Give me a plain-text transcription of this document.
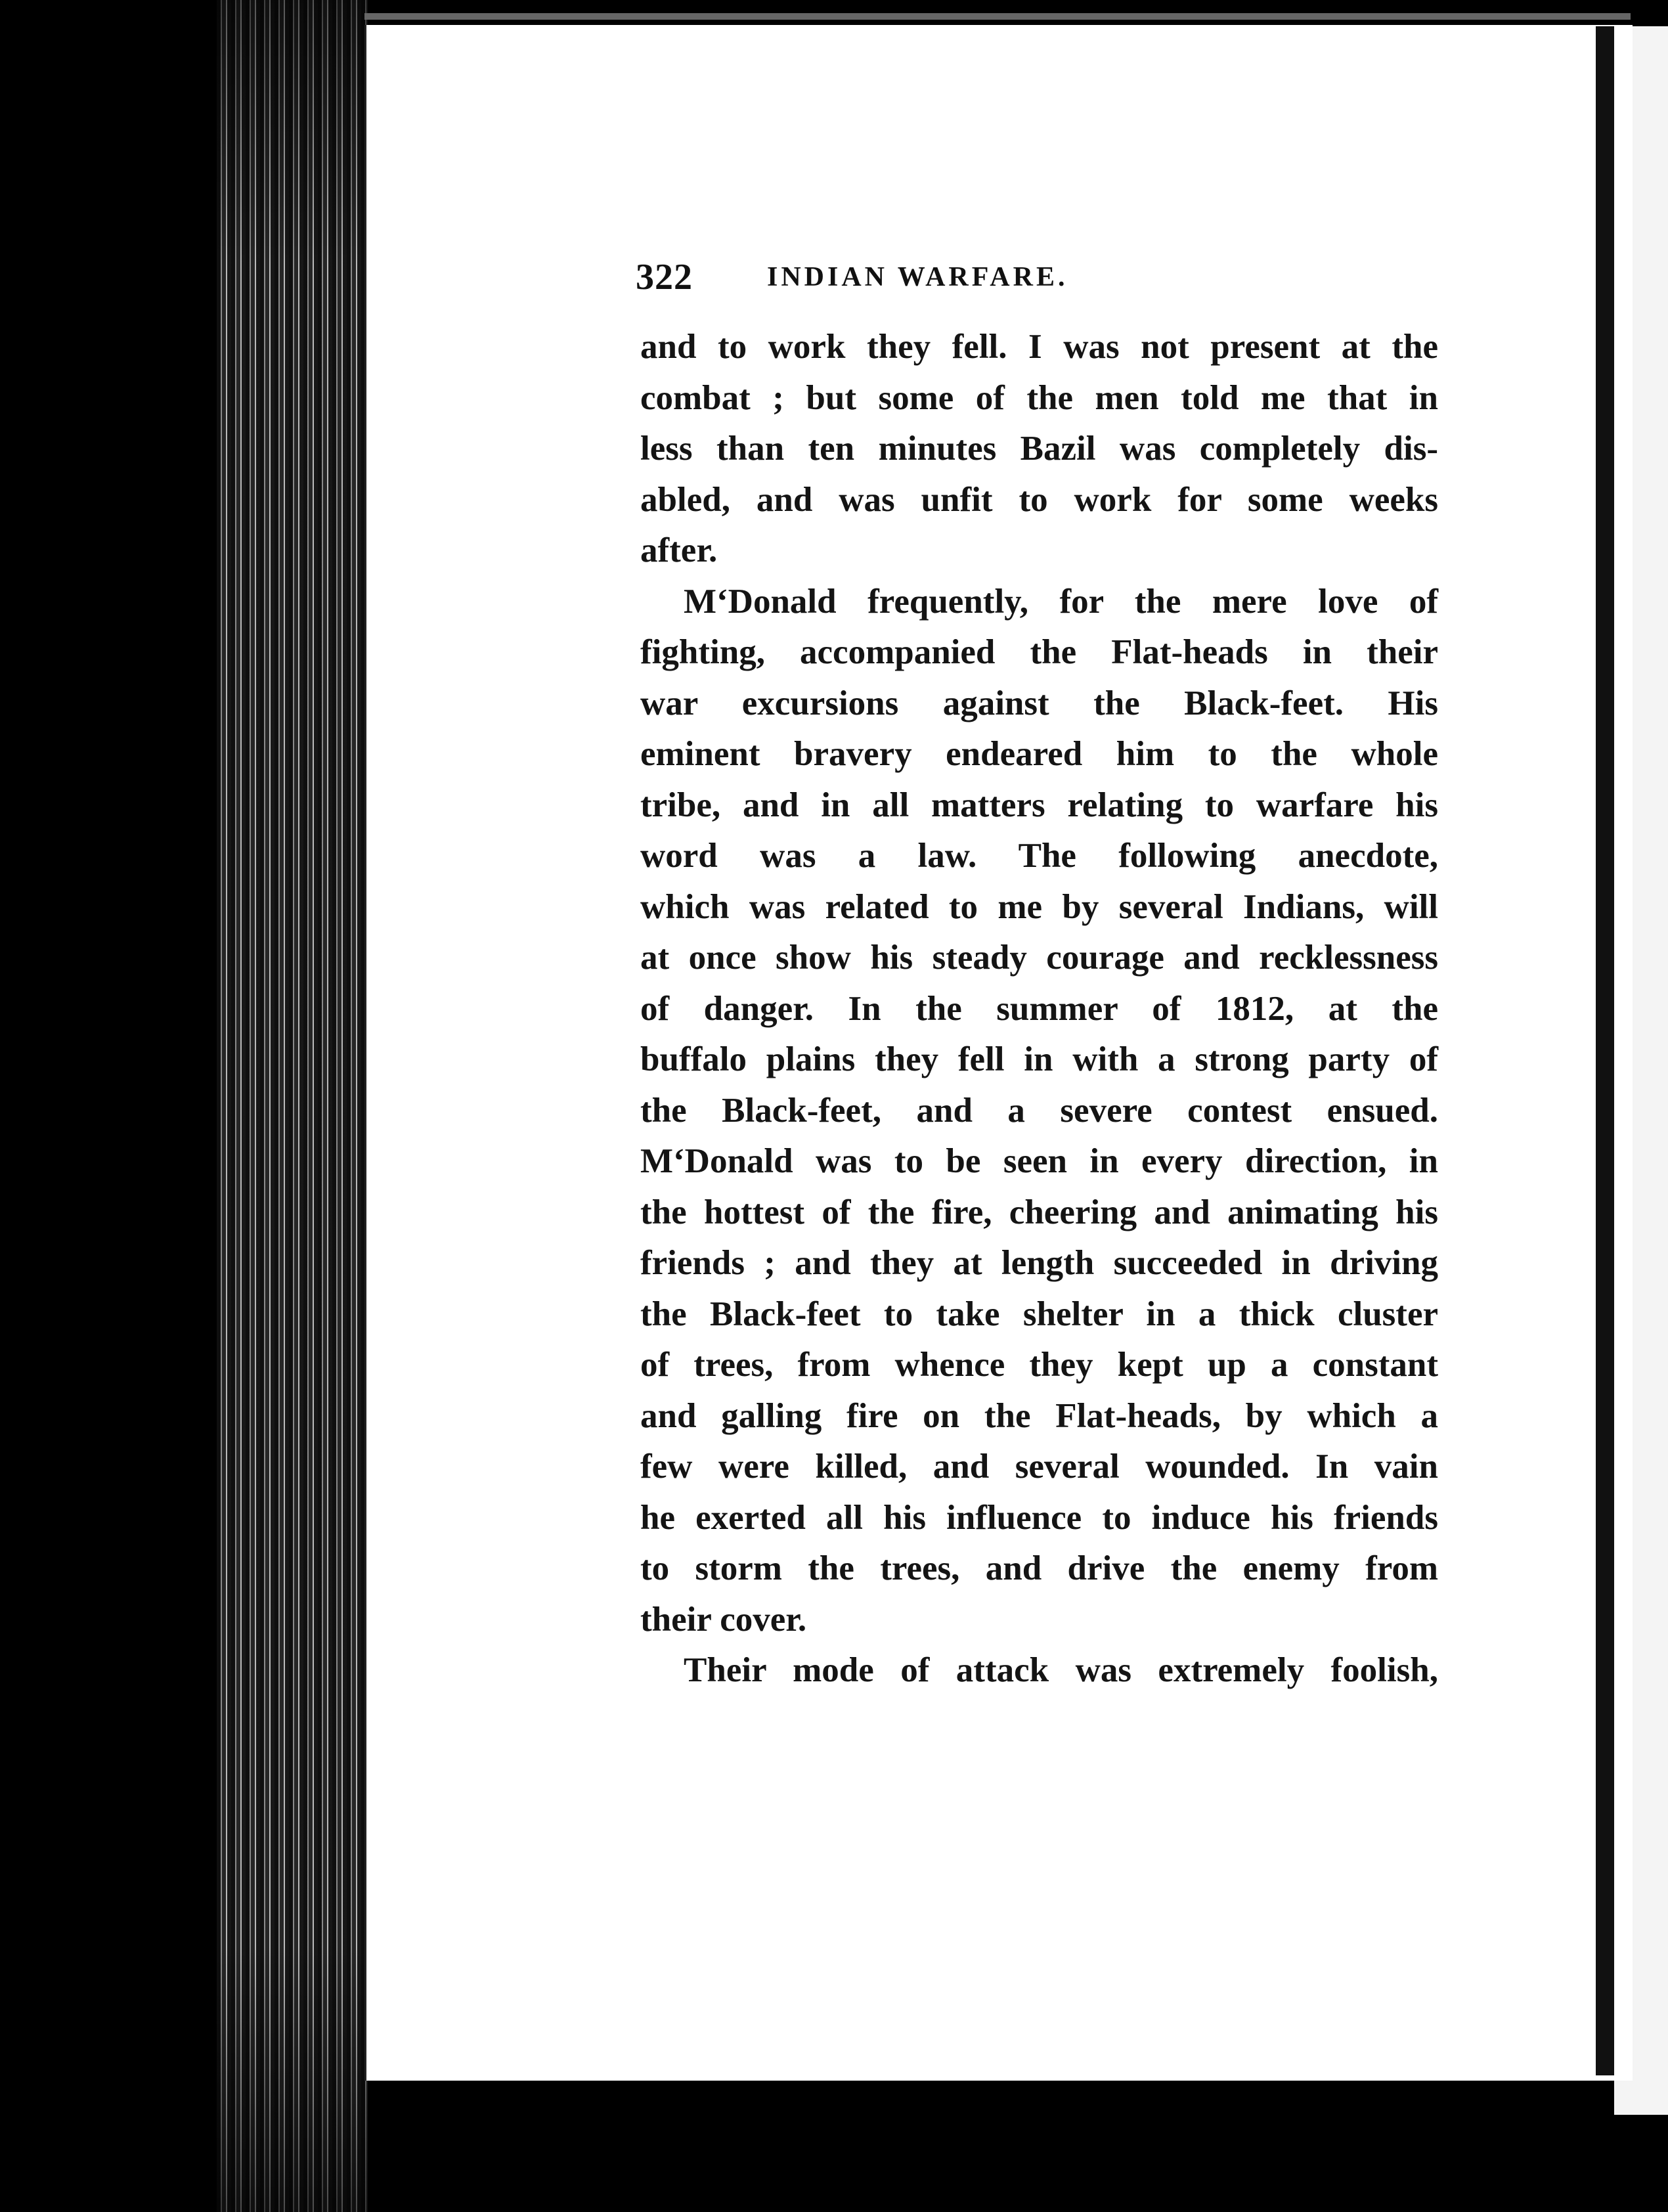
322	INDIAN WARFARE.
and to work they fell. I was not present at the
combat ; but some of the men told me that in
less than ten minutes Bazil was completely dis-
abled, and was unfit to work for some weeks
after.
M‘Donald frequently, for the mere love of
fighting, accompanied the Flat-heads in their
war excursions against the Black-feet. His
eminent bravery endeared him to the whole
tribe, and in all matters relating to warfare his
word was a law. The following anecdote,
which was related to me by several Indians, will
at once show his steady courage and recklessness
of danger. In the summer of 1812, at the
buffalo plains they fell in with a strong party of
the Black-feet, and a severe contest ensued.
M‘Donald was to be seen in every direction, in
the hottest of the fire, cheering and animating his
friends ; and they at length succeeded in driving
the Black-feet to take shelter in a thick cluster
of trees, from whence they kept up a constant
and galling fire on the Flat-heads, by which a
few were killed, and several wounded. In vain
he exerted all his influence to induce his friends
to storm the trees, and drive the enemy from
their cover.
Their mode of attack was extremely foolish,
